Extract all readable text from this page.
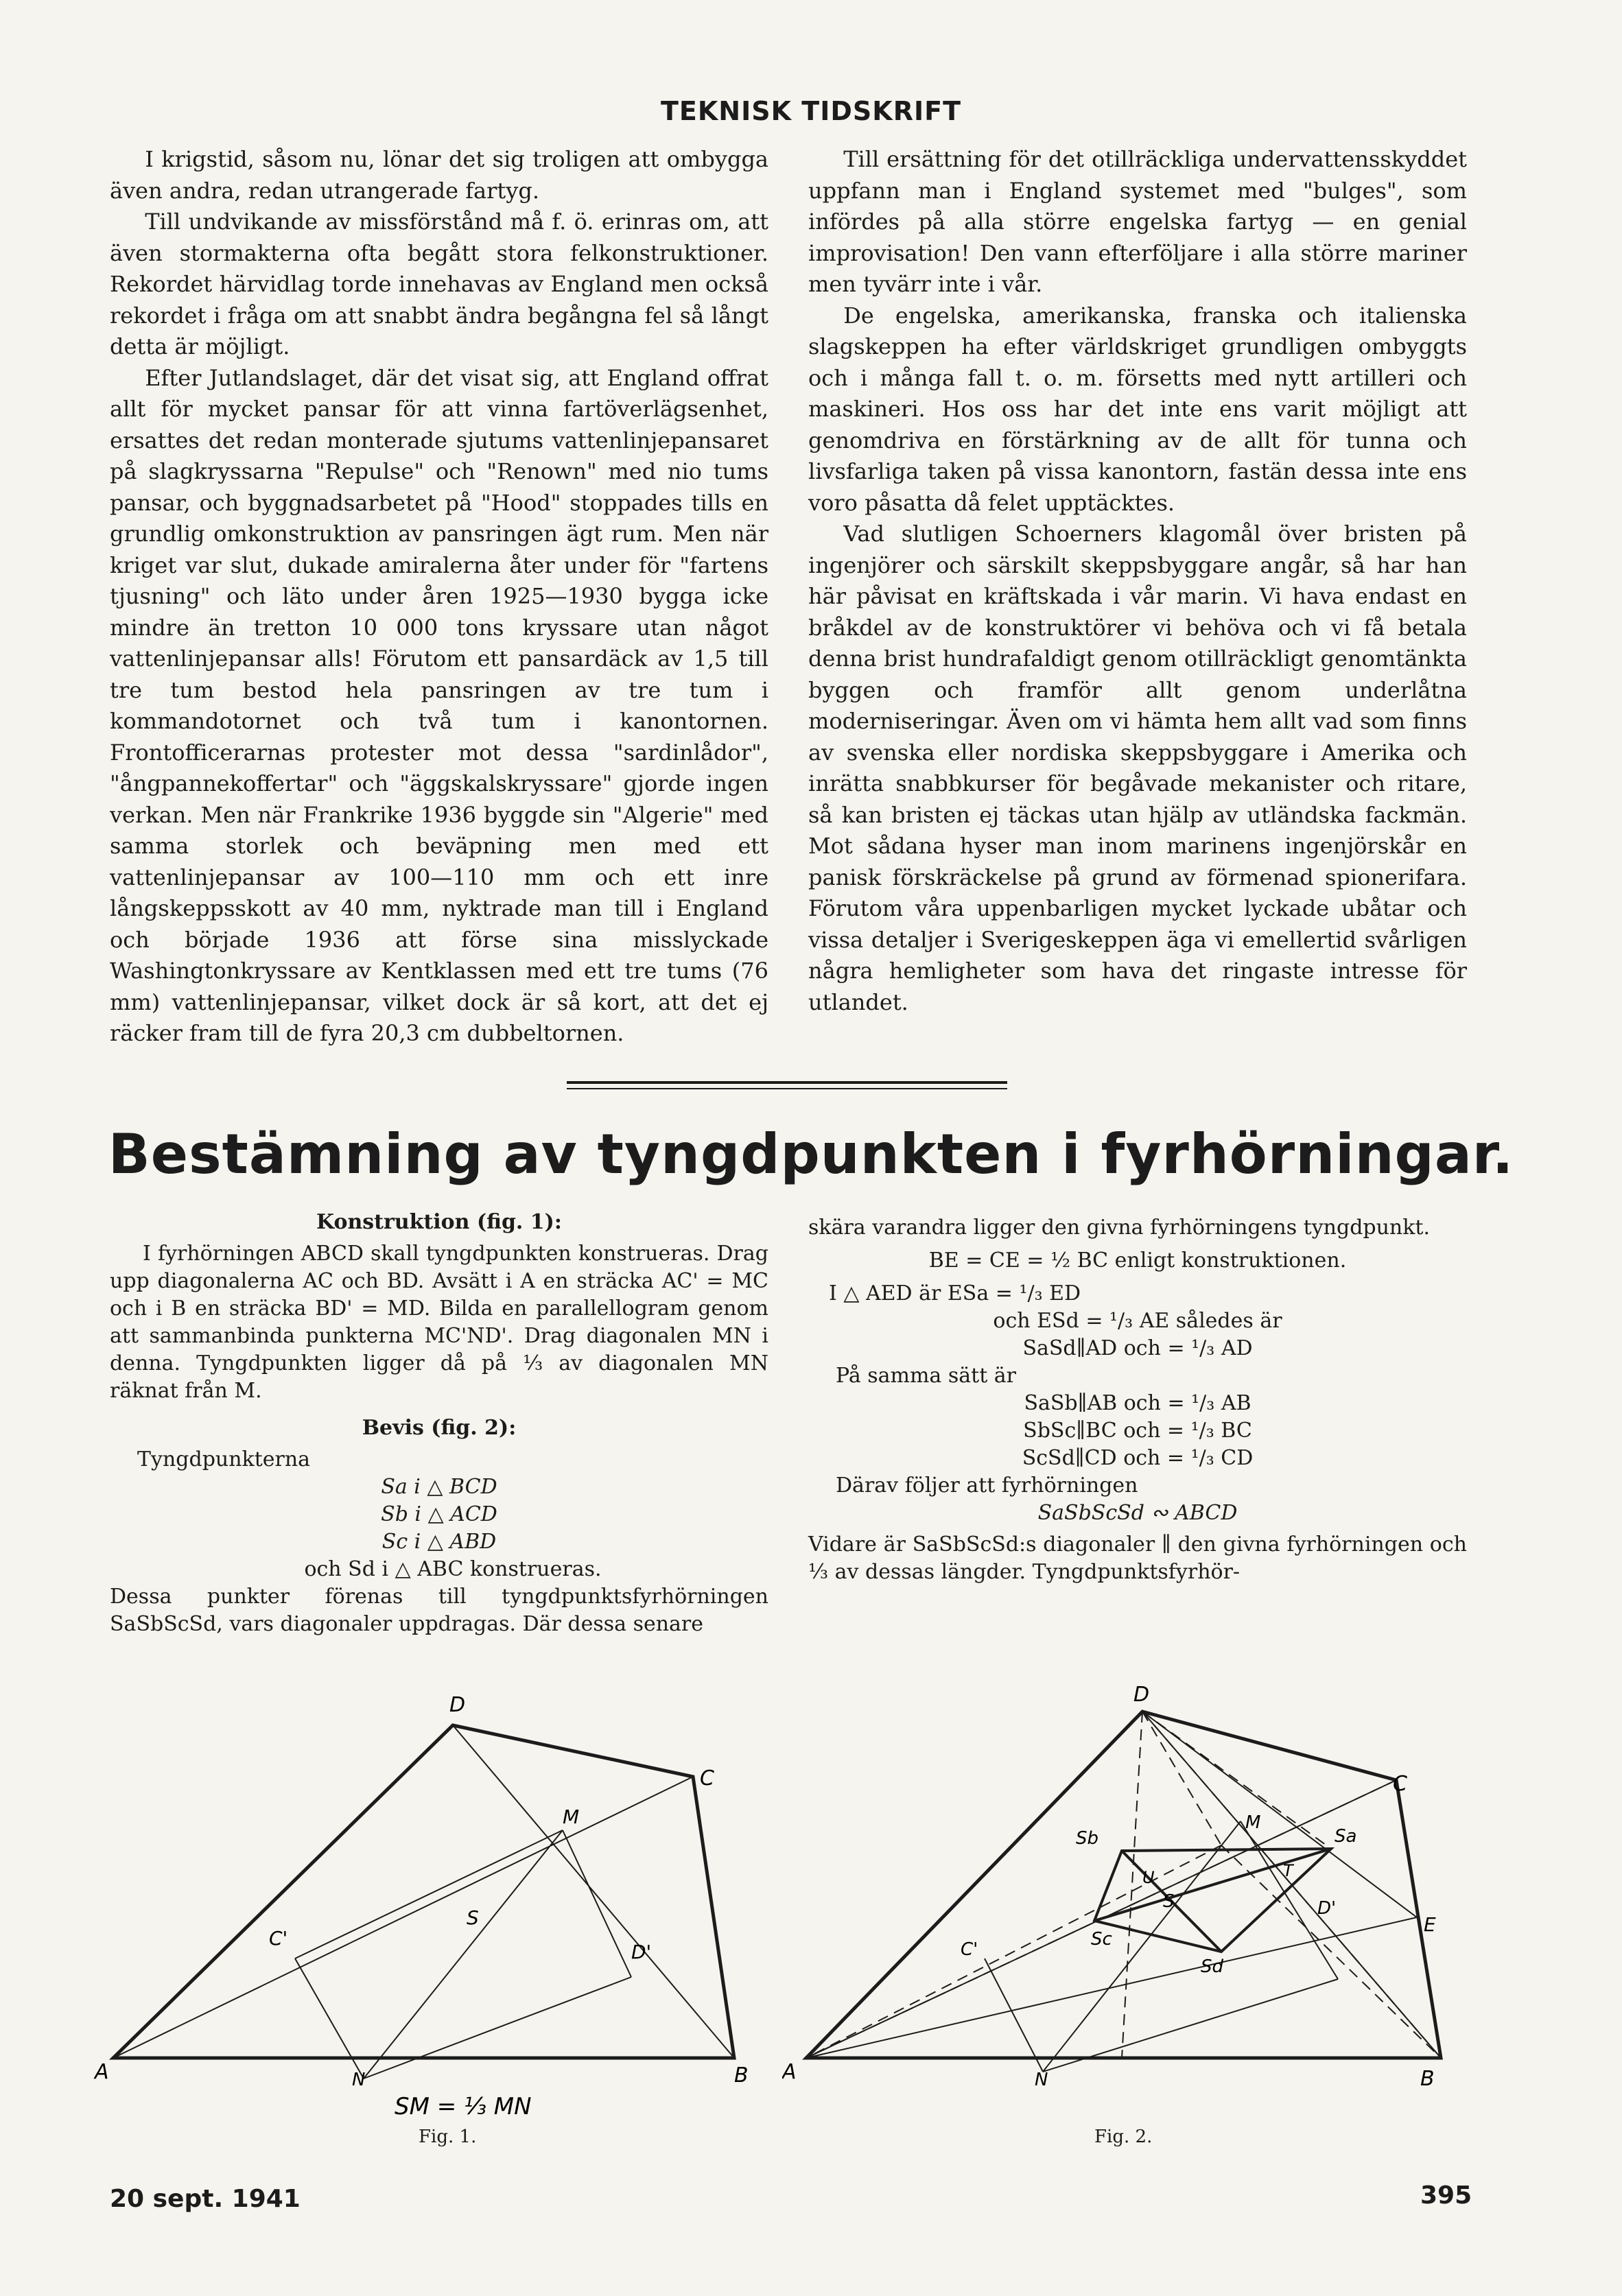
TEKNISK TIDSKRIFT

I krigstid, såsom nu, lönar det sig troligen att ombygga även andra, redan utrangerade fartyg.

Till undvikande av missförstånd må f. ö. erinras om, att även stormakterna ofta begått stora felkonstruktioner. Rekordet härvidlag torde innehavas av England men också rekordet i fråga om att snabbt ändra begångna fel så långt detta är möjligt.

Efter Jutlandslaget, där det visat sig, att England offrat allt för mycket pansar för att vinna fartöverlägsenhet, ersattes det redan monterade sjutums vattenlinjepansaret på slagkryssarna "Repulse" och "Renown" med nio tums pansar, och byggnadsarbetet på "Hood" stoppades tills en grundlig omkonstruktion av pansringen ägt rum. Men när kriget var slut, dukade amiralerna åter under för "fartens tjusning" och läto under åren 1925—1930 bygga icke mindre än tretton 10 000 tons kryssare utan något vattenlinjepansar alls! Förutom ett pansardäck av 1,5 till tre tum bestod hela pansringen av tre tum i kommandotornet och två tum i kanontornen. Frontofficerarnas protester mot dessa "sardinlådor", "ångpannekoffertar" och "äggskalskryssare" gjorde ingen verkan. Men när Frankrike 1936 byggde sin "Algerie" med samma storlek och beväpning men med ett vattenlinjepansar av 100—110 mm och ett inre långskeppsskott av 40 mm, nyktrade man till i England och började 1936 att förse sina misslyckade Washingtonkryssare av Kentklassen med ett tre tums (76 mm) vattenlinjepansar, vilket dock är så kort, att det ej räcker fram till de fyra 20,3 cm dubbeltornen.

Till ersättning för det otillräckliga undervattensskyddet uppfann man i England systemet med "bulges", som infördes på alla större engelska fartyg — en genial improvisation! Den vann efterföljare i alla större mariner men tyvärr inte i vår.

De engelska, amerikanska, franska och italienska slagskeppen ha efter världskriget grundligen ombyggts och i många fall t. o. m. försetts med nytt artilleri och maskineri. Hos oss har det inte ens varit möjligt att genomdriva en förstärkning av de allt för tunna och livsfarliga taken på vissa kanontorn, fastän dessa inte ens voro påsatta då felet upptäcktes.

Vad slutligen Schoerners klagomål över bristen på ingenjörer och särskilt skeppsbyggare angår, så har han här påvisat en kräftskada i vår marin. Vi hava endast en bråkdel av de konstruktörer vi behöva och vi få betala denna brist hundrafaldigt genom otillräckligt genomtänkta byggen och framför allt genom underlåtna moderniseringar. Även om vi hämta hem allt vad som finns av svenska eller nordiska skeppsbyggare i Amerika och inrätta snabbkurser för begåvade mekanister och ritare, så kan bristen ej täckas utan hjälp av utländska fackmän. Mot sådana hyser man inom marinens ingenjörskår en panisk förskräckelse på grund av förmenad spionerifara. Förutom våra uppenbarligen mycket lyckade ubåtar och vissa detaljer i Sverigeskeppen äga vi emellertid svårligen några hemligheter som hava det ringaste intresse för utlandet.

Bestämning av tyngdpunkten i fyrhörningar.
Konstruktion (fig. 1):

I fyrhörningen ABCD skall tyngdpunkten konstrueras. Drag upp diagonalerna AC och BD. Avsätt i A en sträcka AC' = MC och i B en sträcka BD' = MD. Bilda en parallellogram genom att sammanbinda punkterna MC'ND'. Drag diagonalen MN i denna. Tyngdpunkten ligger då på ⅓ av diagonalen MN räknat från M.

Bevis (fig. 2):
Tyngdpunkterna
Sa i △ BCD
Sb i △ ACD
Sc i △ ABD
och Sd i △ ABC konstrueras.

Dessa punkter förenas till tyngdpunktsfyrhörningen SaSbScSd, vars diagonaler uppdragas. Där dessa senare

skära varandra ligger den givna fyrhörningens tyngdpunkt.

BE = CE = ½ BC enligt konstruktionen.
I △ AED är ESa = ¹/₃ ED
och ESd = ¹/₃ AE således är
SaSd∥AD och = ¹/₃ AD
På samma sätt är
SaSb∥AB och = ¹/₃ AB
SbSc∥BC och = ¹/₃ BC
ScSd∥CD och = ¹/₃ CD
Därav följer att fyrhörningen
SaSbScSd ∾ ABCD

Vidare är SaSbScSd:s diagonaler ∥ den givna fyrhörningen och ⅓ av dessas längder. Tyngdpunktsfyrhör-

D
C
A	B
M
S
C'
D'
N
SM = ⅓ MN
Fig. 1.
D
C
A	B
E
M
Sb	Sa
Sc
Sd
S
U	T
D'
C'
N
Fig. 2.
20 sept. 1941	395
